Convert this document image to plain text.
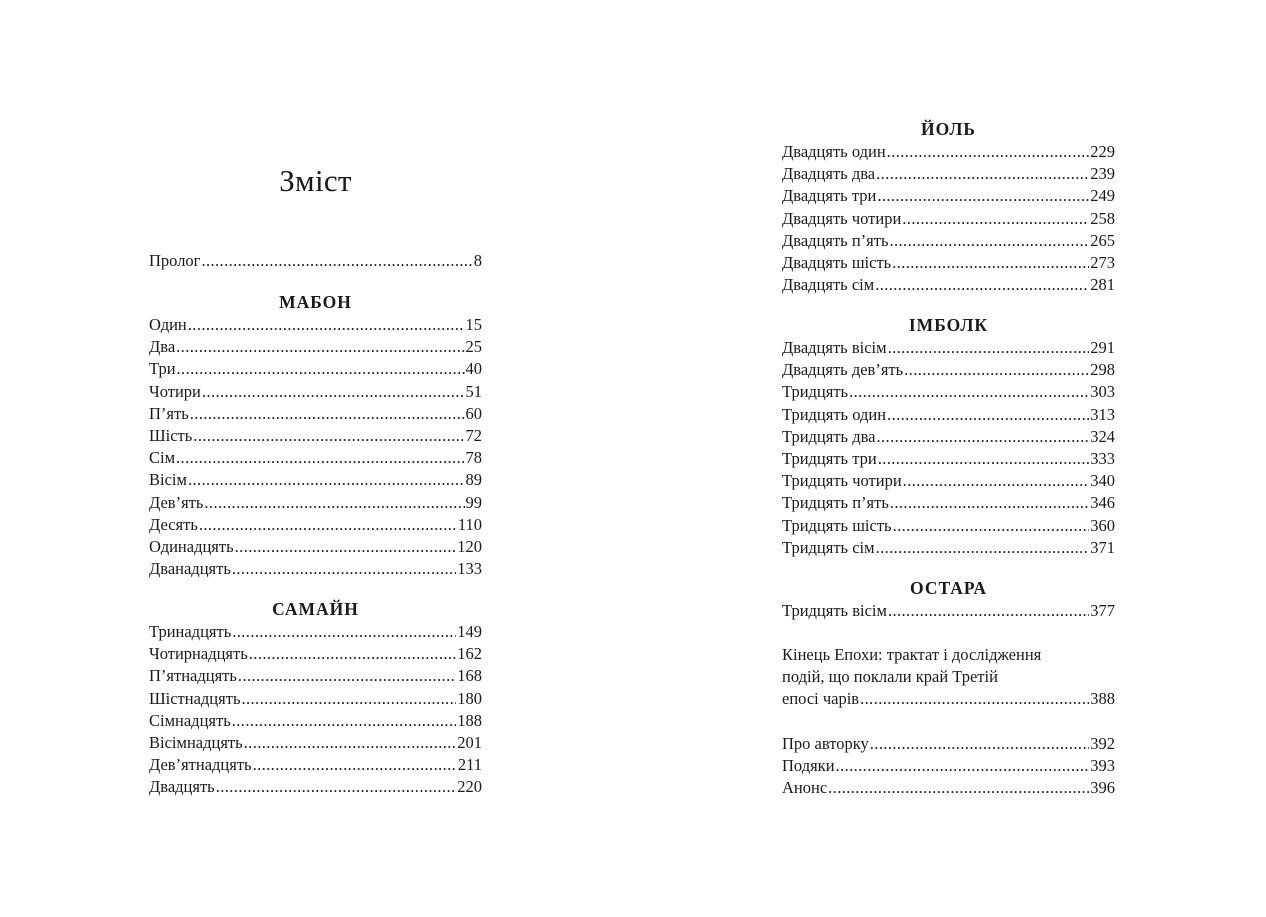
Зміст
Пролог .....	8
МАБОН
Один .....	15
Два .....	25
Три .....	40
Чотири .....	51
П’ять .....	60
Шість .....	72
Сім .....	78
Вісім .....	89
Дев’ять .....	99
Десять .....	110
Одинадцять .....	120
Дванадцять .....	133
САМАЙН
Тринадцять .....	149
Чотирнадцять .....	162
П’ятнадцять .....	168
Шістнадцять .....	180
Сімнадцять .....	188
Вісімнадцять .....	201
Дев’ятнадцять .....	211
Двадцять .....	220
ЙОЛЬ
Двадцять один .....	229
Двадцять два .....	239
Двадцять три .....	249
Двадцять чотири .....	258
Двадцять п’ять .....	265
Двадцять шість .....	273
Двадцять сім .....	281
ІМБОЛК
Двадцять вісім .....	291
Двадцять дев’ять .....	298
Тридцять .....	303
Тридцять один .....	313
Тридцять два .....	324
Тридцять три .....	333
Тридцять чотири .....	340
Тридцять п’ять .....	346
Тридцять шість .....	360
Тридцять сім .....	371
ОСТАРА
Тридцять вісім .....	377
Кінець Епохи: трактат і дослідження
подій, що поклали край Третій
епосі чарів .....	388
Про авторку .....	392
Подяки .....	393
Анонс .....	396
